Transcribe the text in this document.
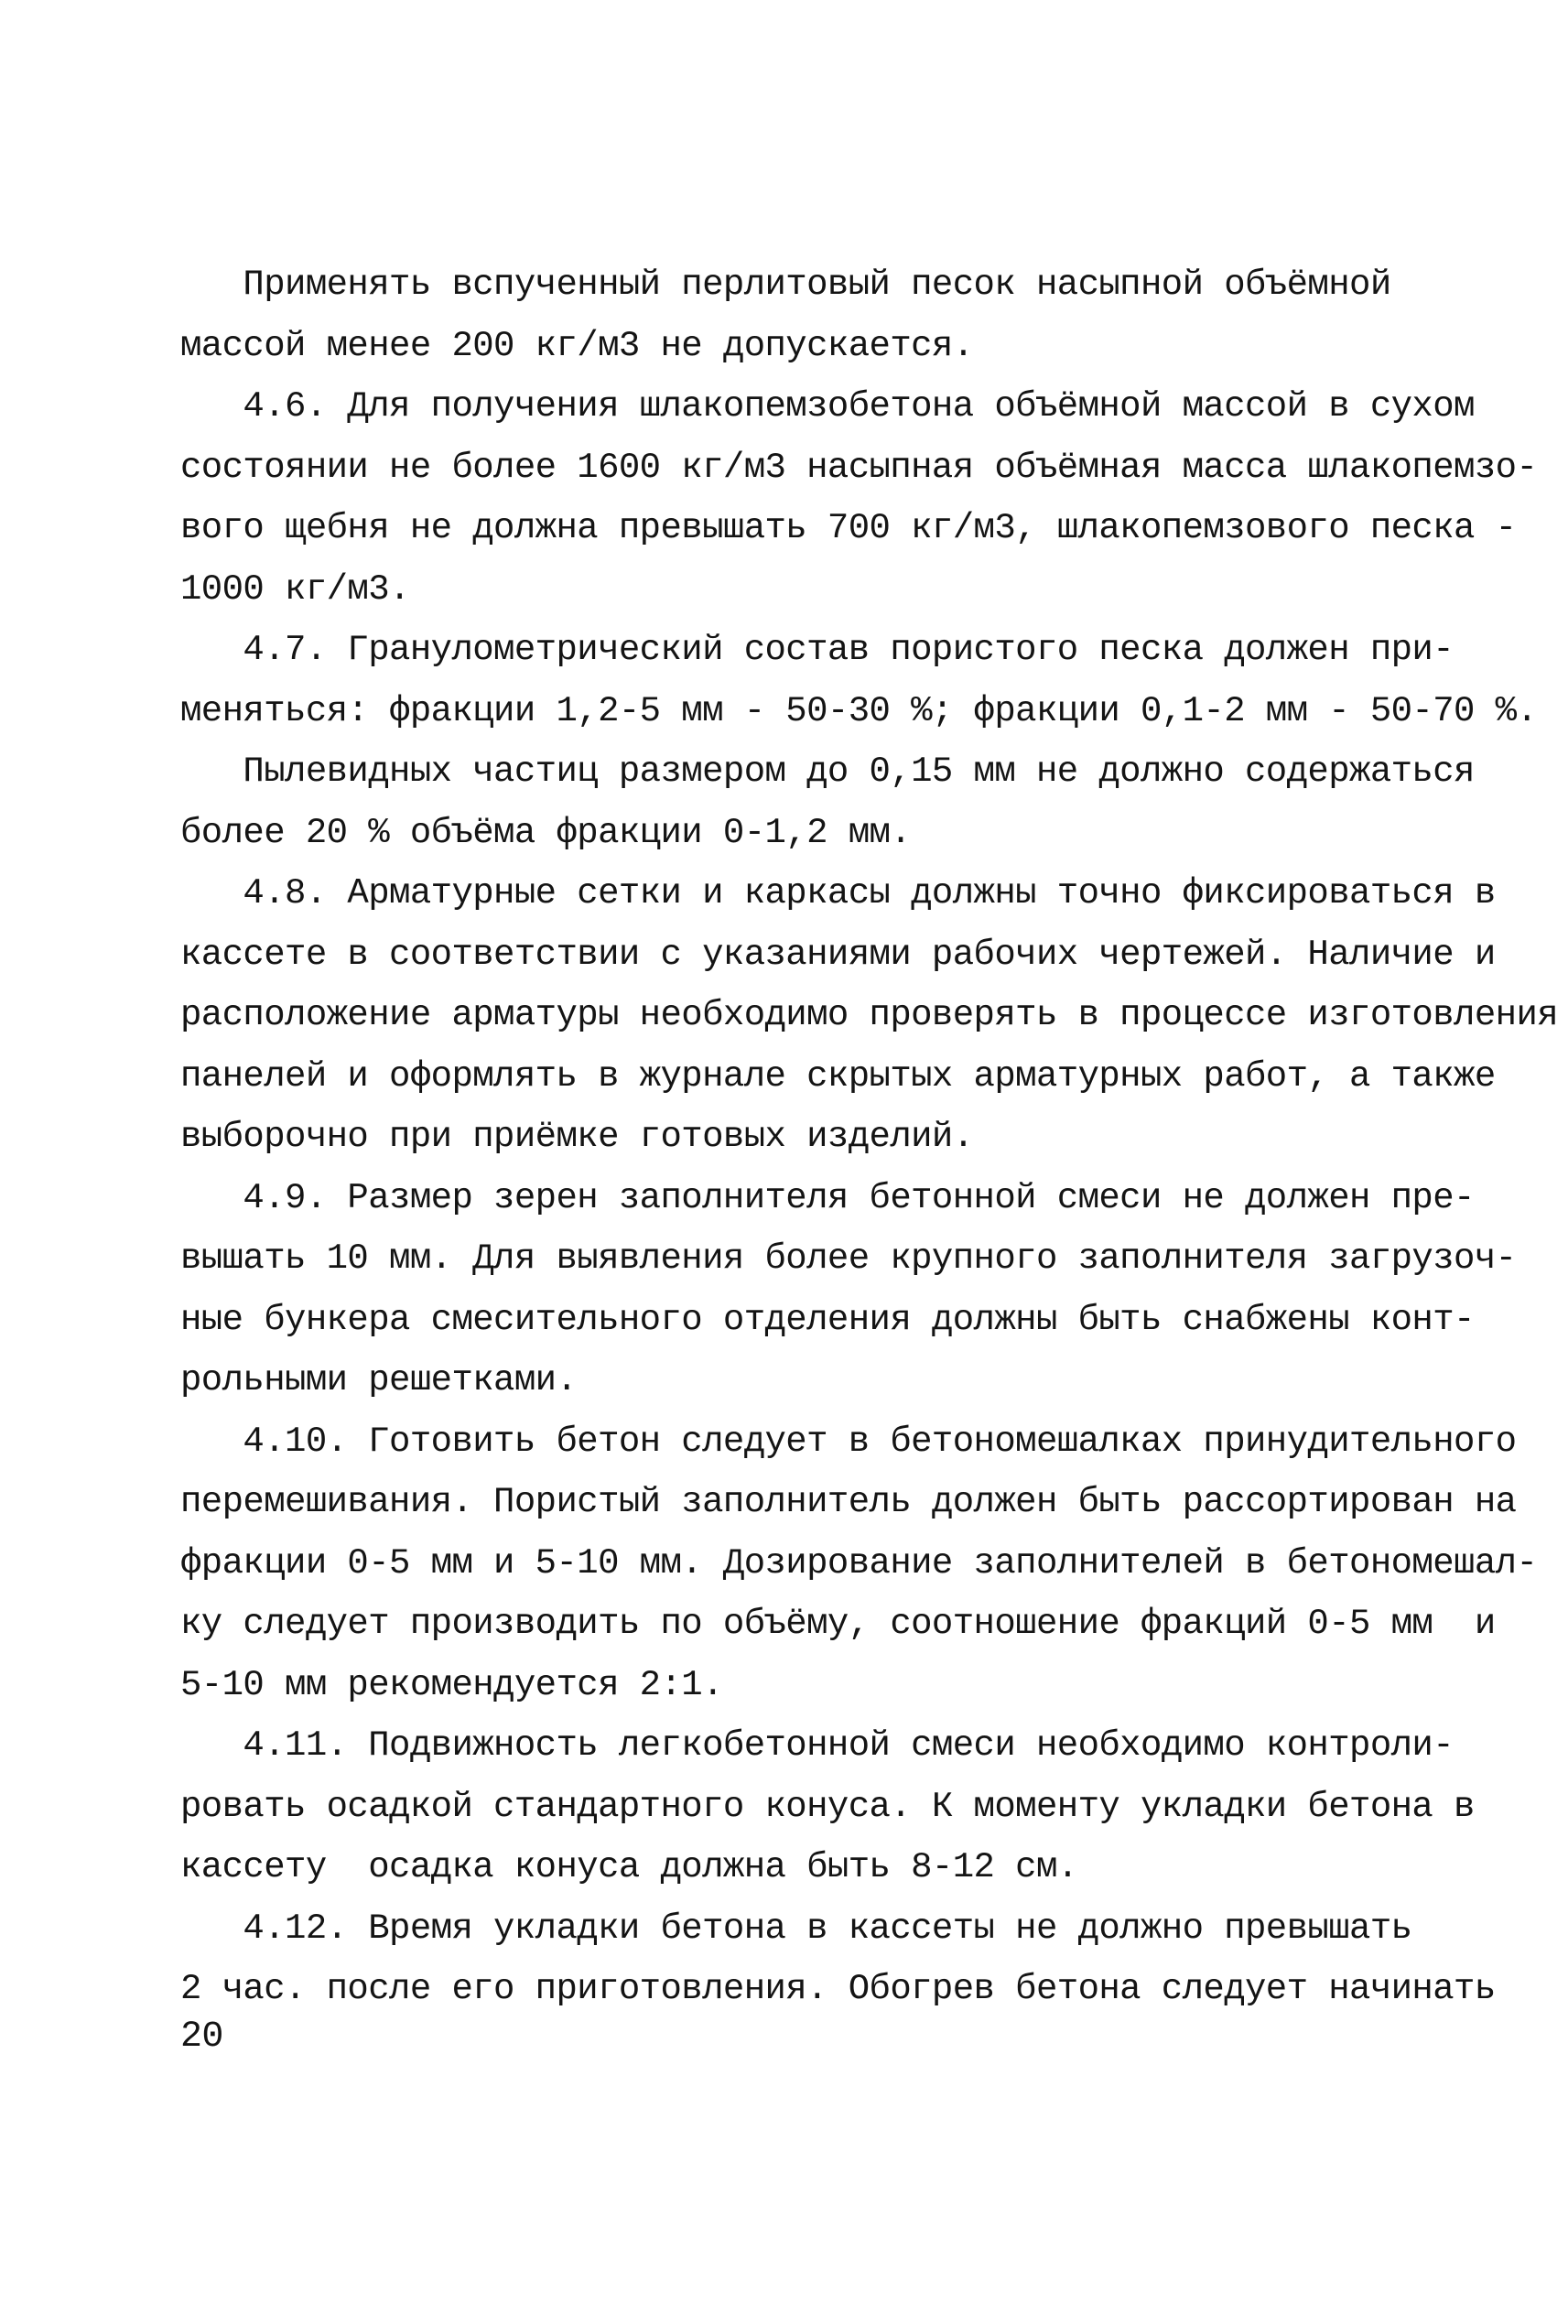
Применять вспученный перлитовый песок насыпной объёмной
массой менее 200 кг/м3 не допускается.
4.6. Для получения шлакопемзобетона объёмной массой в сухом
состоянии не более 1600 кг/м3 насыпная объёмная масса шлакопемзо-
вого щебня не должна превышать 700 кг/м3, шлакопемзового песка -
1000 кг/м3.
4.7. Гранулометрический состав пористого песка должен при-
меняться: фракции 1,2-5 мм - 50-30 %; фракции 0,1-2 мм - 50-70 %.
Пылевидных частиц размером до 0,15 мм не должно содержаться
более 20 % объёма фракции 0-1,2 мм.
4.8. Арматурные сетки и каркасы должны точно фиксироваться в
кассете в соответствии с указаниями рабочих чертежей. Наличие и
расположение арматуры необходимо проверять в процессе изготовления
панелей и оформлять в журнале скрытых арматурных работ, а также
выборочно при приёмке готовых изделий.
4.9. Размер зерен заполнителя бетонной смеси не должен пре-
вышать 10 мм. Для выявления более крупного заполнителя загрузоч-
ные бункера смесительного отделения должны быть снабжены конт-
рольными решетками.
4.10. Готовить бетон следует в бетономешалках принудительного
перемешивания. Пористый заполнитель должен быть рассортирован на
фракции 0-5 мм и 5-10 мм. Дозирование заполнителей в бетономешал-
ку следует производить по объёму, соотношение фракций 0-5 мм  и
5-10 мм рекомендуется 2:1.
4.11. Подвижность легкобетонной смеси необходимо контроли-
ровать осадкой стандартного конуса. К моменту укладки бетона в
кассету  осадка конуса должна быть 8-12 см.
4.12. Время укладки бетона в кассеты не должно превышать
2 час. после его приготовления. Обогрев бетона следует начинать
20
